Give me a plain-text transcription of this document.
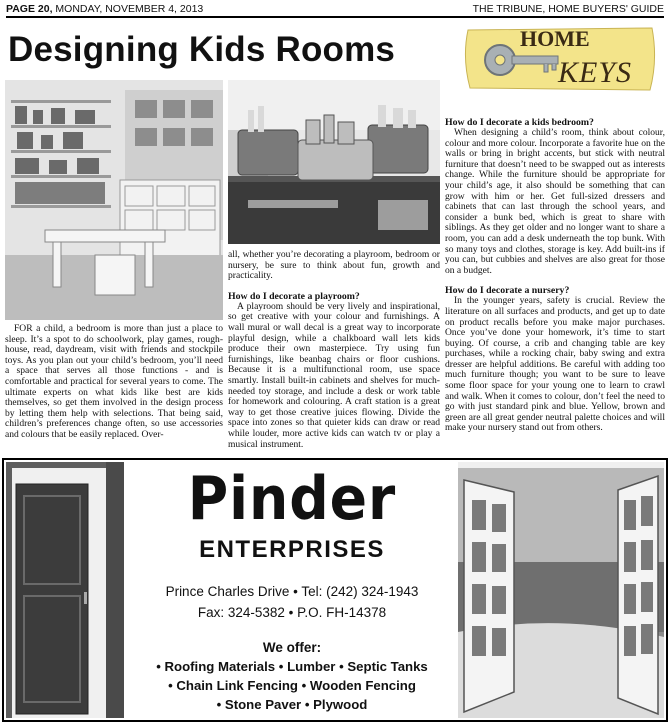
PAGE 20, MONDAY, NOVEMBER 4, 2013	THE TRIBUNE, HOME BUYERS' GUIDE
Designing Kids Rooms	HOME
KEYS

FOR a child, a bedroom is more than just a place to sleep. It’s a spot to do schoolwork, play games, rough-house, read, daydream, visit with friends and stockpile toys. As you plan out your child’s bedroom, you’ll need a space that serves all those functions - and is comfortable and practical for several years to come. The ultimate experts on what kids like best are kids themselves, so get them involved in the design process by letting them help with selections. That being said, children’s preferences change often, so use accessories and colours that be easily replaced. Over-

all, whether you’re decorating a playroom, bedroom or nursery, be sure to think about fun, growth and practicality.

How do I decorate a playroom?

A playroom should be very lively and inspirational, so get creative with your colour and furnishings. A wall mural or wall decal is a great way to incorporate playful design, while a chalkboard wall lets kids produce their own masterpiece. Try using fun furnishings, like beanbag chairs or floor cushions. Because it is a multifunctional room, use space smartly. Install built-in cabinets and shelves for much-needed toy storage, and include a desk or work table for homework and colouring. A craft station is a great way to get those creative juices flowing. Divide the space into zones so that quieter kids can draw or read while louder, more active kids can watch tv or play a musical instrument.

How do I decorate a kids bedroom?

When designing a child’s room, think about colour, colour and more colour. Incorporate a favorite hue on the walls or bring in bright accents, but stick with neutral furniture that doesn’t need to be swapped out as interests change. While the furniture should be appropriate for your child’s age, it also should be something that can grow with him or her. Get full-sized dressers and cabinets that can last through the school years, and consider a bunk bed, which is great to share with siblings. As they get older and no longer want to share a room, you can add a desk underneath the top bunk. With so many toys and clothes, storage is key. Add built-ins if you can, but cubbies and shelves are also great for those on a budget.

How do I decorate a nursery?

In the younger years, safety is crucial. Review the literature on all surfaces and products, and get up to date on product recalls before you make major purchases. Once you’ve done your homework, it’s time to start buying. Of course, a crib and changing table are key purchases, while a rocking chair, baby swing and extra dresser are helpful additions. Be careful with adding too much furniture though; you want to be sure to leave some floor space for your young one to learn to crawl and walk. When it comes to colour, don’t feel the need to go with just standard pink and blue. Yellow, brown and green are all great gender neutral palette choices and will make your nursery stand out from others.

Pinder
ENTERPRISES
Prince Charles Drive • Tel: (242) 324-1943
Fax: 324-5382 • P.O. FH-14378
We offer:
• Roofing Materials • Lumber • Septic Tanks
• Chain Link Fencing • Wooden Fencing
• Stone Paver • Plywood
